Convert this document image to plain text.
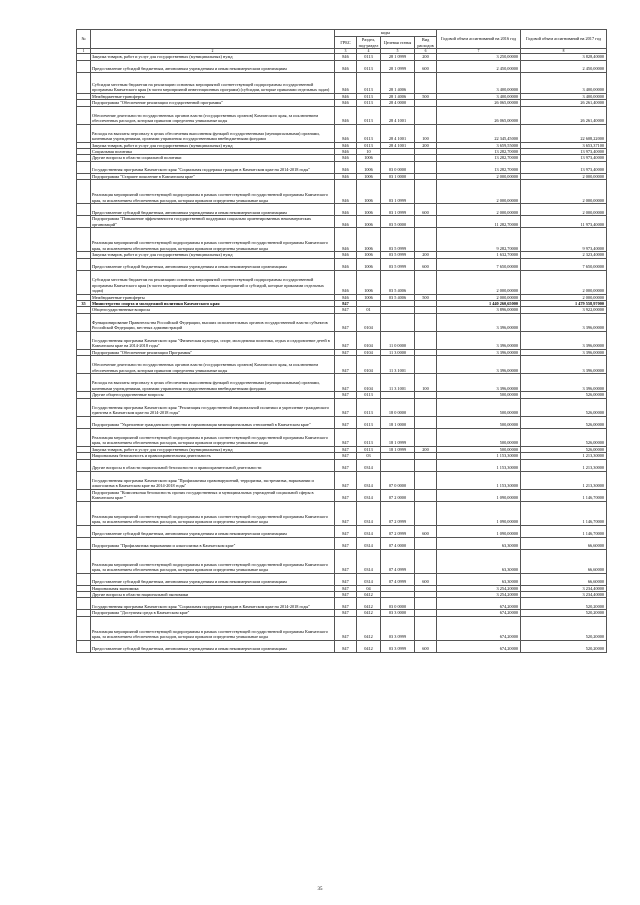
№		коды				Годовой объем ассигнований на 2016 год	Годовой объем ассигнований на 2017 год
		ГРБС	Раздел, под-раздел	Целевая статья	Вид расходов		
1	2	3	4	5	6	7	8
	Закупка товаров, работ и услуг для государственных (муниципальных) нужд	846	0113	28 1 0999	200	3 250,00000	3 828,40000
	Предоставление субсидий бюджетным, автономным учреждениям и иным некоммерческим организациям	846	0113	28 1 0999	600	2 450,00000	2 450,00000
	Субсидии местным бюджетам на реализацию основных мероприятий соответствующей подпрограммы государственной программы Камчатского края (в части мероприятий инвестиционных программ) (субсидии, которые приказами отдельных задач)	846	0113	28 1 4006		3 400,00000	3 400,00000
	Межбюджетные трансферты	846	0113	28 1 4006	500	3 400,00000	3 400,00000
	Подпрограмма "Обеспечение реализации государственной программы"	846	0113	28 4 0000		26 065,00000	26 261,40000
	Обеспечение деятельности государственных органов власти (государственных органов) Камчатского края, за исключением обеспеченных расходов, которым приказом определены уникальные коды	846	0113	28 4 1001		26 065,00000	26 261,40000
	Расходы на выплаты персоналу в целях обеспечения выполнения функций государственными (муниципальными) органами, казенными учреждениями, органами управления государственными внебюджетными фондами	846	0113	28 4 1001	100	22 345,45000	22 608,22000
	Закупка товаров, работ и услуг для государственных (муниципальных) нужд	846	0113	28 4 1001	200	3 659,55000	3 653,37100
	Социальная политика	846	10			13 282,70000	13 973,40000
	Другие вопросы в области социальной политики	846	1006			13 282,70000	13 973,40000
	Государственная программа Камчатского края "Социальная поддержка граждан в Камчатском крае на 2014-2018 годы"	846	1006	03 0 0000		13 282,70000	13 973,40000
	Подпрограмма "Старшее поколение в Камчатском крае"	846	1006	03 1 0000		2 000,00000	2 000,00000
	Реализация мероприятий соответствующей подпрограммы в рамках соответствующей государственной программы Камчатского края, за исключением обеспеченных расходов, которым приказом определены уникальные коды	846	1006	03 1 0999		2 000,00000	2 000,00000
	Предоставление субсидий бюджетным, автономным учреждениям и иным некоммерческим организациям	846	1006	03 1 0999	600	2 000,00000	2 000,00000
	Подпрограмма "Повышение эффективности государственной поддержки социально ориентированных некоммерческих организаций"	846	1006	03 5 0000		11 282,70000	11 973,40000
	Реализация мероприятий соответствующей подпрограммы в рамках соответствующей государственной программы Камчатского края, за исключением обеспеченных расходов, которым приказом определены уникальные коды	846	1006	03 5 0999		9 282,70000	9 973,40000
	Закупка товаров, работ и услуг для государственных (муниципальных) нужд	846	1006	03 5 0999	200	1 632,70000	2 323,40000
	Предоставление субсидий бюджетным, автономным учреждениям и иным некоммерческим организациям	846	1006	03 5 0999	600	7 650,00000	7 650,00000
	Субсидии местным бюджетам на реализацию основных мероприятий соответствующей подпрограммы государственной программы Камчатского края (в части мероприятий инвестиционных мероприятий и субсидий, которые приказами отдельных задач)	846	1006	03 5 4006		2 000,00000	2 000,00000
	Межбюджетные трансферты	846	1006	03 5 4006	500	2 000,00000	2 000,00000
35	Министерство спорта и молодежной политики Камчатского края	847				1 440 260,65000	1 479 558,97000
	Общегосударственные вопросы	847	01			3 896,00000	3 922,00000
	Функционирование Правительства Российской Федерации, высших исполнительных органов государственной власти субъектов Российской Федерации, местных администраций	847	0104			3 396,00000	3 396,00000
	Государственная программа Камчатского края "Физическая культура, спорт, молодежная политика, отдых и оздоровление детей в Камчатском крае на 2014-2018 годы"	847	0104	11 0 0000		3 396,00000	3 396,00000
	Подпрограмма "Обеспечение реализации Программы"	847	0104	11 3 0000		3 396,00000	3 396,00000
	Обеспечение деятельности государственных органов власти (государственных органов) Камчатского края, за исключением обеспеченных расходов, которым приказом определены уникальные коды	847	0104	11 3 1001		3 396,00000	3 396,00000
	Расходы на выплаты персоналу в целях обеспечения выполнения функций государственными (муниципальными) органами, казенными учреждениями, органами управления государственными внебюджетными фондами	847	0104	11 3 1001	100	3 396,00000	3 396,00000
	Другие общегосударственные вопросы	847	0113			500,00000	526,00000
	Государственная программа Камчатского края "Реализация государственной национальной политики и укрепление гражданского единства в Камчатском крае на 2014-2018 годы"	847	0113	18 0 0000		500,00000	526,00000
	Подпрограмма "Укрепление гражданского единства и гармонизация межнациональных отношений в Камчатском крае"	847	0113	18 1 0000		500,00000	526,00000
	Реализация мероприятий соответствующей подпрограммы в рамках соответствующей государственной программы Камчатского края, за исключением обеспеченных расходов, которым приказом определены уникальные коды	847	0113	18 1 0999		500,00000	526,00000
	Закупка товаров, работ и услуг для государственных (муниципальных) нужд	847	0113	18 1 0999	200	500,00000	526,00000
	Национальная безопасность и правоохранительная деятельность	847	03			1 153,30000	1 213,30000
	Другие вопросы в области национальной безопасности и правоохранительной деятельности	847	0314			1 153,30000	1 213,30000
	Государственная программа Камчатского края "Профилактика правонарушений, терроризма, экстремизма, наркомании и алкоголизма в Камчатском крае на 2014-2018 годы"	847	0314	07 0 0000		1 153,30000	1 213,30000
	Подпрограмма "Комплексная безопасность прочих государственных и муниципальных учреждений социальной сферы в Камчатском крае "	847	0314	07 2 0000		1 090,00000	1 146,70000
	Реализация мероприятий соответствующей подпрограммы в рамках соответствующей государственной программы Камчатского края, за исключением обеспеченных расходов, которым приказом определены уникальные коды	847	0314	07 2 0999		1 090,00000	1 146,70000
	Предоставление субсидий бюджетным, автономным учреждениям и иным некоммерческим организациям	847	0314	07 2 0999	600	1 090,00000	1 146,70000
	Подпрограмма "Профилактика наркомании и алкоголизма в Камчатском крае"	847	0314	07 4 0000		63,30000	66,60000
	Реализация мероприятий соответствующей подпрограммы в рамках соответствующей государственной программы Камчатского края, за исключением обеспеченных расходов, которым приказом определены уникальные коды	847	0314	07 4 0999		63,30000	66,60000
	Предоставление субсидий бюджетным, автономным учреждениям и иным некоммерческим организациям	847	0314	07 4 0999	600	63,30000	66,60000
	Национальная экономика	847	04			3 254,20000	3 234,40000
	Другие вопросы в области национальной экономики	847	0412			3 254,20000	3 234,40000
	Государственная программа Камчатского края "Социальная поддержка граждан в Камчатском крае на 2014-2018 годы"	847	0412	03 0 0000		674,20000	520,20000
	Подпрограмма "Доступная среда в Камчатском крае"	847	0412	03 3 0000		674,20000	520,20000
	Реализация мероприятий соответствующей подпрограммы в рамках соответствующей государственной программы Камчатского края, за исключением обеспеченных расходов, которым приказом определены уникальные коды	847	0412	03 3 0999		674,20000	520,20000
	Предоставление субсидий бюджетным, автономным учреждениям и иным некоммерческим организациям	847	0412	03 3 0999	600	674,20000	520,20000
35
